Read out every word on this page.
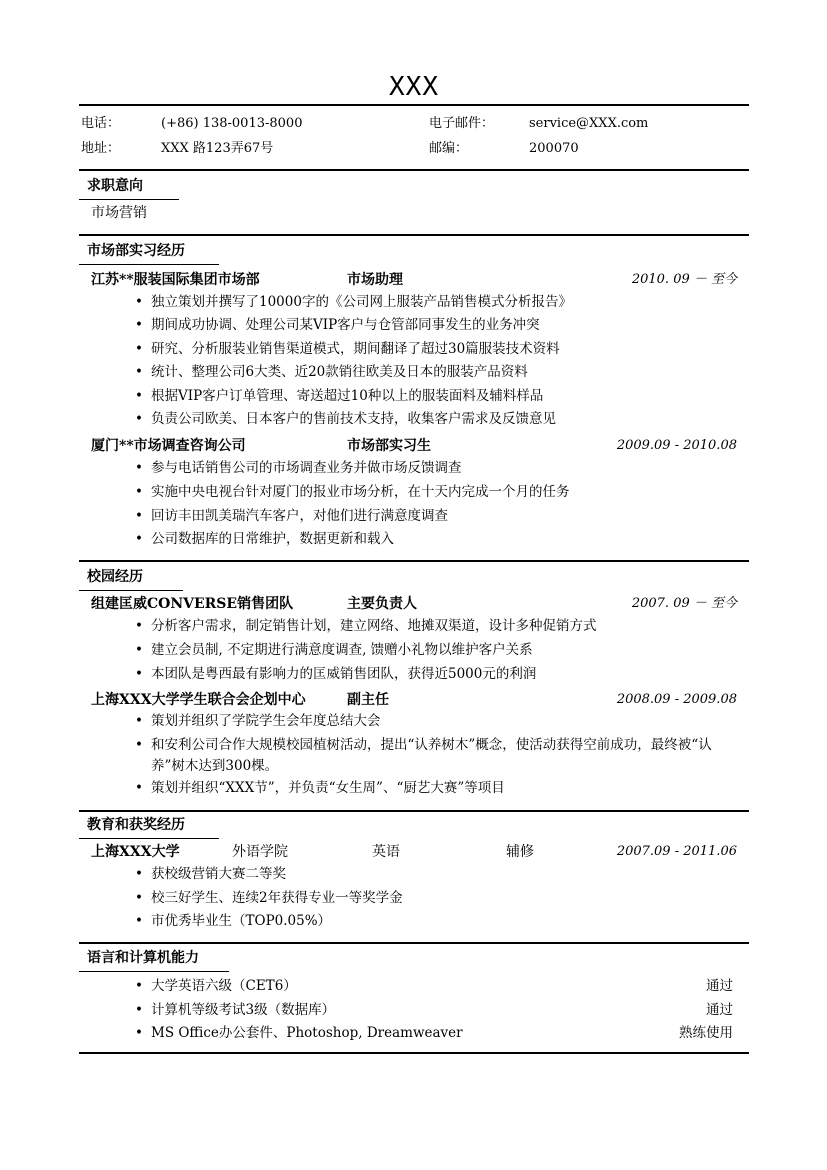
XXX
电话：	(+86) 138-0013-8000	电子邮件：	service@XXX.com
地址：	XXX 路123弄67号	邮编：	200070
求职意向
市场营销
市场部实习经历
江苏**服装国际集团市场部	市场助理	2010. 09 － 至今
• 独立策划并撰写了10000字的《公司网上服装产品销售模式分析报告》
• 期间成功协调、处理公司某VIP客户与仓管部同事发生的业务冲突
• 研究、分析服装业销售渠道模式，期间翻译了超过30篇服装技术资料
• 统计、整理公司6大类、近20款销往欧美及日本的服装产品资料
• 根据VIP客户订单管理、寄送超过10种以上的服装面料及辅料样品
• 负责公司欧美、日本客户的售前技术支持，收集客户需求及反馈意见
厦门**市场调查咨询公司	市场部实习生	2009.09 - 2010.08
• 参与电话销售公司的市场调查业务并做市场反馈调查
• 实施中央电视台针对厦门的报业市场分析，在十天内完成一个月的任务
• 回访丰田凯美瑞汽车客户，对他们进行满意度调查
• 公司数据库的日常维护，数据更新和载入
校园经历
组建匡威CONVERSE销售团队	主要负责人	2007. 09 － 至今
• 分析客户需求，制定销售计划，建立网络、地摊双渠道，设计多种促销方式
• 建立会员制, 不定期进行满意度调查, 馈赠小礼物以维护客户关系
• 本团队是粤西最有影响力的匡威销售团队，获得近5000元的利润
上海XXX大学学生联合会企划中心	副主任	2008.09 - 2009.08
• 策划并组织了学院学生会年度总结大会
• 和安利公司合作大规模校园植树活动，提出“认养树木”概念，使活动获得空前成功，最终被“认养”树木达到300棵。
• 策划并组织“XXX节”，并负责“女生周”、“厨艺大赛”等项目
教育和获奖经历
上海XXX大学	外语学院	英语	辅修	2007.09 - 2011.06
• 获校级营销大赛二等奖
• 校三好学生、连续2年获得专业一等奖学金
• 市优秀毕业生（TOP0.05%）
语言和计算机能力
• 大学英语六级（CET6）	通过
• 计算机等级考试3级（数据库）	通过
• MS Office办公套件、Photoshop, Dreamweaver	熟练使用
